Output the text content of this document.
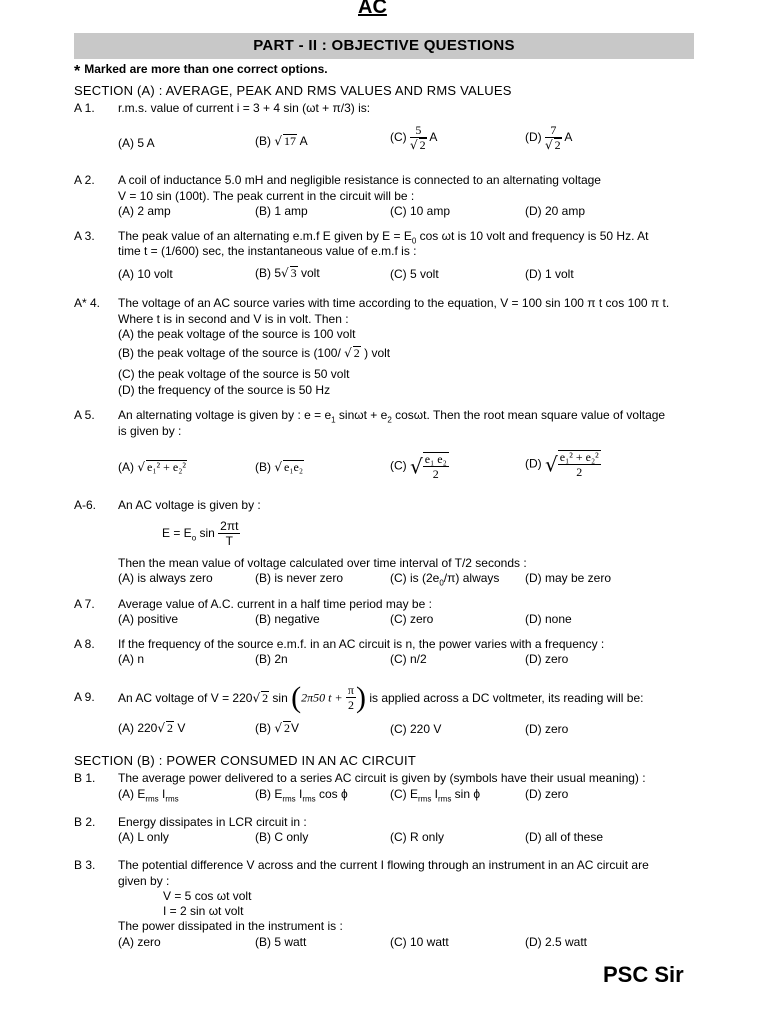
AC
PART - II : OBJECTIVE QUESTIONS
* Marked are more than one correct options.
SECTION (A) : AVERAGE, PEAK AND RMS VALUES AND RMS VALUES
A 1. r.m.s. value of current i = 3 + 4 sin (ωt + π/3) is:
(A) 5 A	(B) √ 17 A	$(C) \frac{5}{√ 2}$ A	$(D) \frac{7}{√ 2}$ A
A 2. A coil of inductance 5.0 mH and negligible resistance is connected to an alternating voltage
V = 10 sin (100t). The peak current in the circuit will be :
(A) 2 amp	(B) 1 amp	(C) 10 amp	(D) 20 amp
A 3. The peak value of an alternating e.m.f E given by $E = E_0$ cos ωt is 10 volt and frequency is 50 Hz. At
time t = (1/600) sec, the instantaneous value of e.m.f is :
(A) 10 volt	(B) 5√ 3 volt	(C) 5 volt	(D) 1 volt
A* 4. The voltage of an AC source varies with time according to the equation, V = 100 sin 100 π t cos 100 π t.
Where t is in second and V is in volt. Then :
(A) the peak voltage of the source is 100 volt
(B) the peak voltage of the source is (100/ √ 2 ) volt
(C) the peak voltage of the source is 50 volt
(D) the frequency of the source is 50 Hz
A 5. An alternating voltage is given by : $e = e_1$ $\sin\omega t + e_2$ cosωt. Then the root mean square value of voltage
is given by :
(A) √ e₁² + e₂²	(B) √ e₁e₂	(C) √ $\frac{\text{e₁ e₂}}{2}$	(D) √ $\frac{\text{e₁² + e₂²}}{2}$
A-6. An AC voltage is given by :
$E = E_o$ $\sin \frac{2\pi t}{T}$
Then the mean value of voltage calculated over time interval of T/2 seconds :
(A) is always zero	(B) is never zero	(C) is $(2e_0/\pi)$ always (D) may be zero
A 7. Average value of A.C. current in a half time period may be :
(A) positive	(B) negative	(C) zero	(D) none
A 8. If the frequency of the source e.m.f. in an AC circuit is n, the power varies with a frequency :
(A) n	(B) 2n	(C) n/2	(D) zero
A 9. An AC voltage of V = 220√ 2 sin (2π50 $t + \frac{\pi}{2}$ ) is applied across a DC voltmeter, its reading will be:
(A) 220√ 2 V	(B) √ 2V	(C) 220 V	(D) zero
SECTION (B) : POWER CONSUMED IN AN AC CIRCUIT
B 1. The average power delivered to a series AC circuit is given by (symbols have their usual meaning) :
(A) $E_{rms}$ $I_{rms}$	(B) $E_{rms}$ $I_{rms}$ cos ϕ	(C) $E_{rms}$ $I_{rms}$ sin ϕ	(D) zero
B 2. Energy dissipates in LCR circuit in :
(A) L only	(B) C only	(C) R only	(D) all of these
B 3. The potential difference V across and the current I flowing through an instrument in an AC circuit are
given by :
V = 5 cos ωt volt
I = 2 sin ωt volt
The power dissipated in the instrument is :
(A) zero	(B) 5 watt	(C) 10 watt	(D) 2.5 watt
PSC Sir
